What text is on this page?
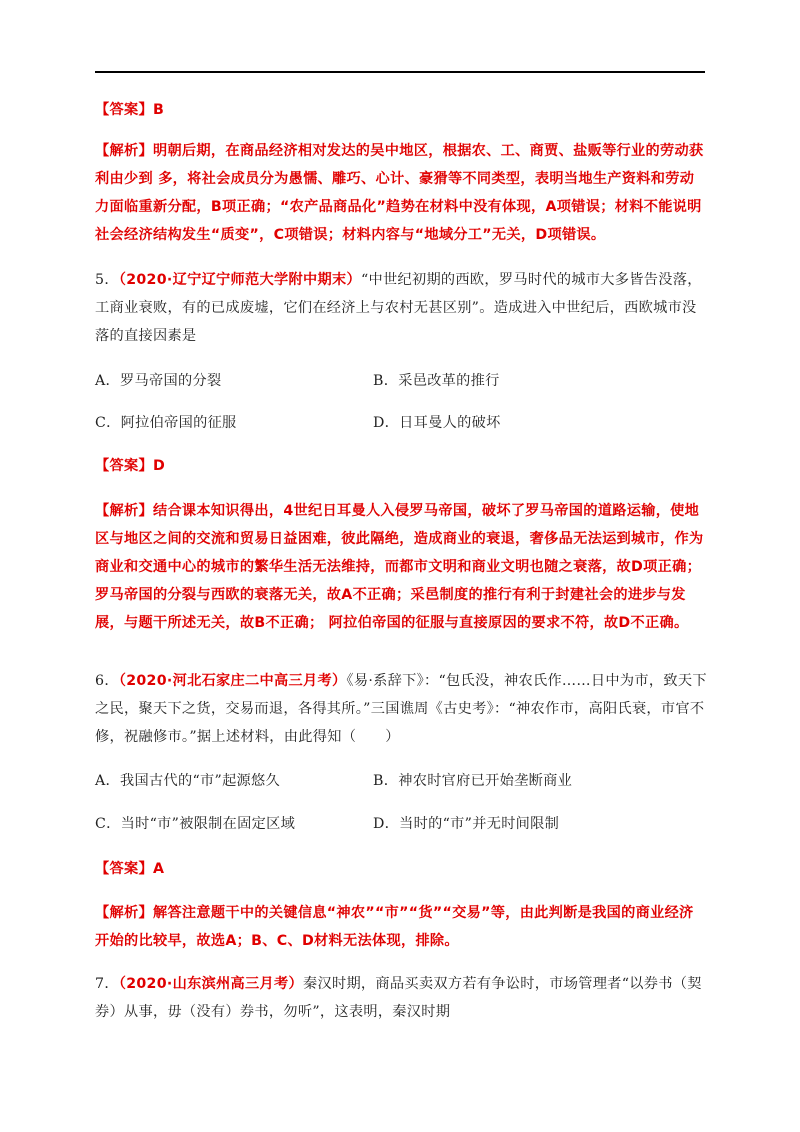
【答案】B
【解析】明朝后期，在商品经济相对发达的吴中地区，根据农、工、商贾、盐贩等行业的劳动获利由少到 多，将社会成员分为愚懦、雕巧、心计、豪猾等不同类型，表明当地生产资料和劳动力面临重新分配，B项正确；“农产品商品化”趋势在材料中没有体现，A项错误；材料不能说明社会经济结构发生“质变”，C项错误；材料内容与“地域分工”无关，D项错误。
5．（2020·辽宁辽宁师范大学附中期末）“中世纪初期的西欧，罗马时代的城市大多皆告没落，工商业衰败，有的已成废墟，它们在经济上与农村无甚区别”。造成进入中世纪后，西欧城市没落的直接因素是
A．罗马帝国的分裂	B．采邑改革的推行
C．阿拉伯帝国的征服	D．日耳曼人的破坏
【答案】D
【解析】结合课本知识得出，4世纪日耳曼人入侵罗马帝国，破坏了罗马帝国的道路运输，使地区与地区之间的交流和贸易日益困难，彼此隔绝，造成商业的衰退，奢侈品无法运到城市，作为商业和交通中心的城市的繁华生活无法维持，而都市文明和商业文明也随之衰落，故D项正确；罗马帝国的分裂与西欧的衰落无关，故A不正确；采邑制度的推行有利于封建社会的进步与发展，与题干所述无关，故B不正确； 阿拉伯帝国的征服与直接原因的要求不符，故D不正确。
6．（2020·河北石家庄二中高三月考）《易·系辞下》：“包氏没，神农氏作……日中为市，致天下之民，聚天下之货，交易而退，各得其所。”三国谯周《古史考》：“神农作市，高阳氏衰，市官不修，祝融修市。”据上述材料，由此得知（　　）
A．我国古代的“市”起源悠久	B．神农时官府已开始垄断商业
C．当时“市”被限制在固定区域	D．当时的“市”并无时间限制
【答案】A
【解析】解答注意题干中的关键信息“神农”“市”“货”“交易”等，由此判断是我国的商业经济开始的比较早，故选A；B、C、D材料无法体现，排除。
7．（2020·山东滨州高三月考）秦汉时期，商品买卖双方若有争讼时，市场管理者“以券书（契券）从事，毋（没有）券书，勿听”，这表明，秦汉时期
